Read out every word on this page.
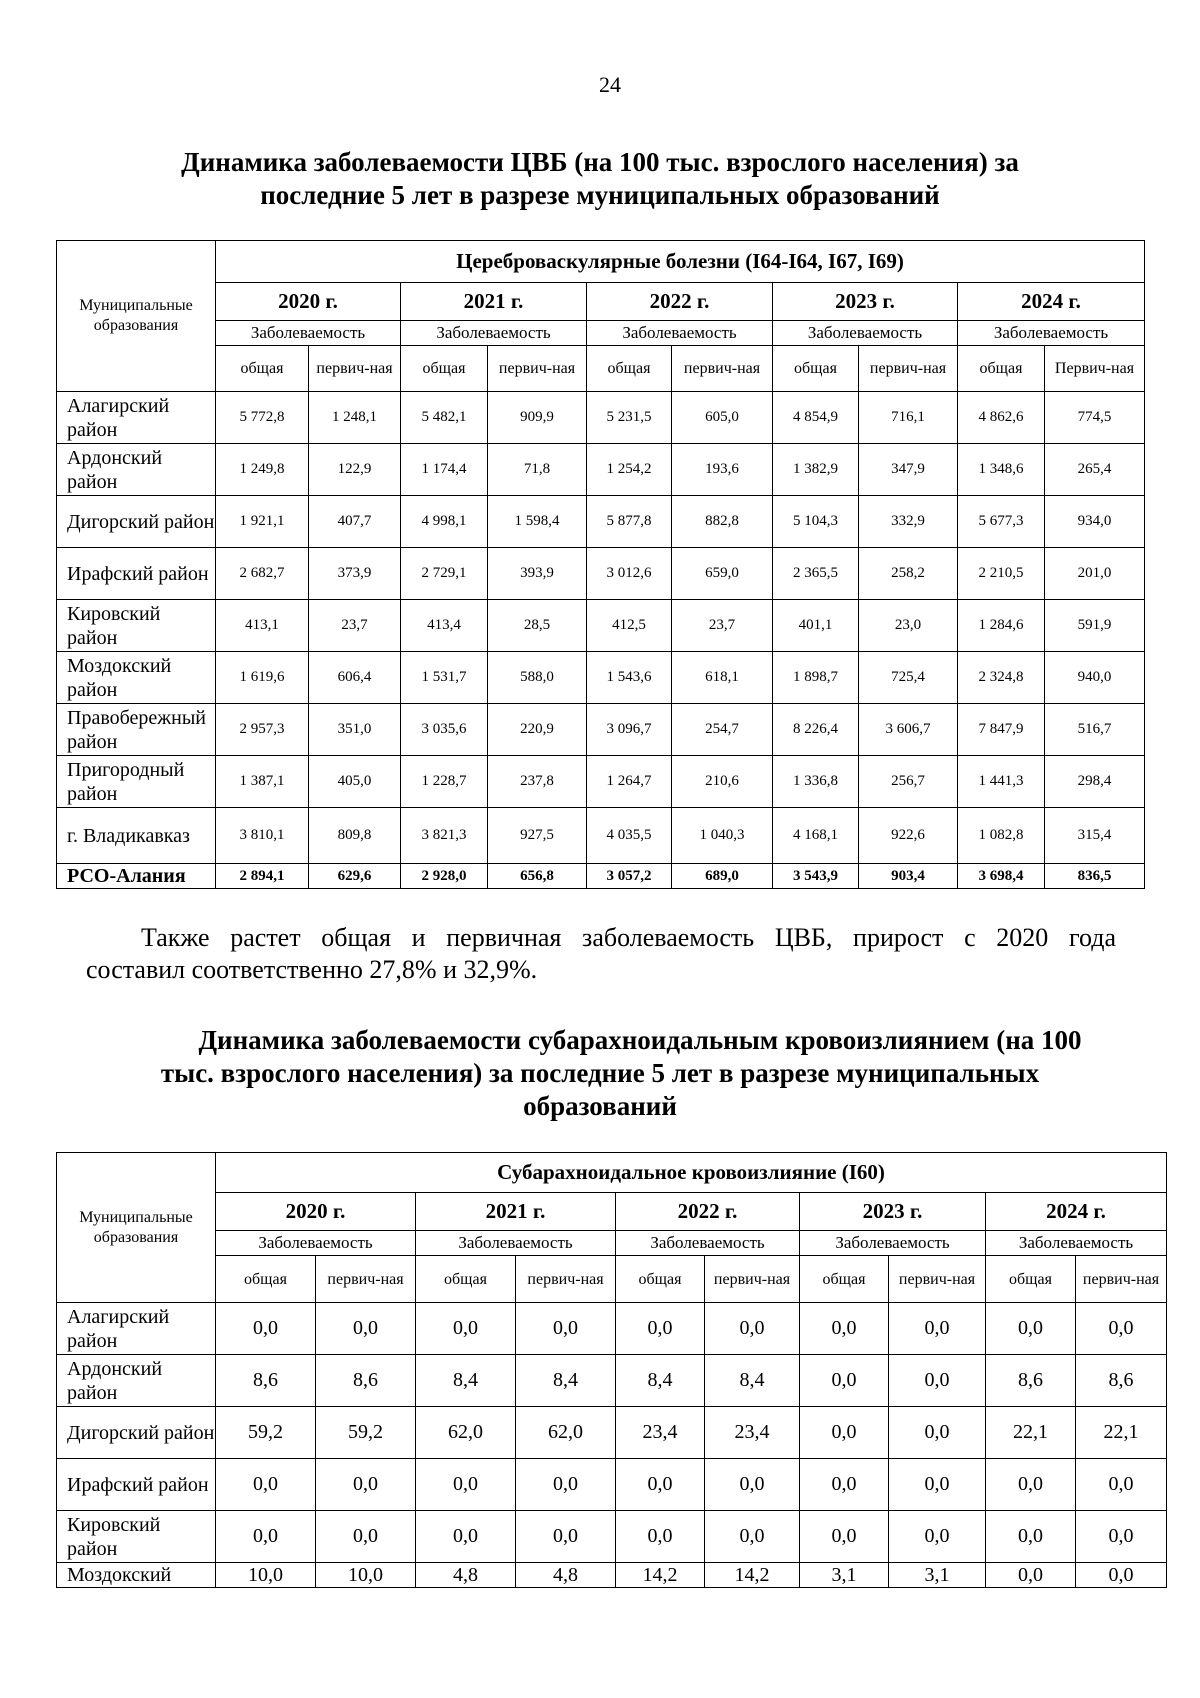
24
Динамика заболеваемости ЦВБ (на 100 тыс. взрослого населения) за
последние 5 лет в разрезе муниципальных образований
Муниципальные образования	Цереброваскулярные болезни (I64-I64, I67, I69)									
	2020 г.		2021 г.		2022 г.		2023 г.		2024 г.	
	Заболеваемость		Заболеваемость		Заболеваемость		Заболеваемость		Заболеваемость	
	общая	первич-ная	общая	первич-ная	общая	первич-ная	общая	первич-ная	общая	Первич-ная
Алагирский район	5 772,8	1 248,1	5 482,1	909,9	5 231,5	605,0	4 854,9	716,1	4 862,6	774,5
Ардонский район	1 249,8	122,9	1 174,4	71,8	1 254,2	193,6	1 382,9	347,9	1 348,6	265,4
Дигорский район	1 921,1	407,7	4 998,1	1 598,4	5 877,8	882,8	5 104,3	332,9	5 677,3	934,0
Ирафский район	2 682,7	373,9	2 729,1	393,9	3 012,6	659,0	2 365,5	258,2	2 210,5	201,0
Кировский район	413,1	23,7	413,4	28,5	412,5	23,7	401,1	23,0	1 284,6	591,9
Моздокский район	1 619,6	606,4	1 531,7	588,0	1 543,6	618,1	1 898,7	725,4	2 324,8	940,0
Правобережный район	2 957,3	351,0	3 035,6	220,9	3 096,7	254,7	8 226,4	3 606,7	7 847,9	516,7
Пригородный район	1 387,1	405,0	1 228,7	237,8	1 264,7	210,6	1 336,8	256,7	1 441,3	298,4
г. Владикавказ	3 810,1	809,8	3 821,3	927,5	4 035,5	1 040,3	4 168,1	922,6	1 082,8	315,4
РСО-Алания	2 894,1	629,6	2 928,0	656,8	3 057,2	689,0	3 543,9	903,4	3 698,4	836,5
Также растет общая и первичная заболеваемость ЦВБ, прирост с 2020 года
составил соответственно 27,8% и 32,9%.
Динамика заболеваемости субарахноидальным кровоизлиянием (на 100
тыс. взрослого населения) за последние 5 лет в разрезе муниципальных
образований
Муниципальные образования	Субарахноидальное кровоизлияние (I60)									
	2020 г.		2021 г.		2022 г.		2023 г.		2024 г.	
	Заболеваемость		Заболеваемость		Заболеваемость		Заболеваемость		Заболеваемость	
	общая	первич-ная	общая	первич-ная	общая	первич-ная	общая	первич-ная	общая	первич-ная
Алагирский район	0,0	0,0	0,0	0,0	0,0	0,0	0,0	0,0	0,0	0,0
Ардонский район	8,6	8,6	8,4	8,4	8,4	8,4	0,0	0,0	8,6	8,6
Дигорский район	59,2	59,2	62,0	62,0	23,4	23,4	0,0	0,0	22,1	22,1
Ирафский район	0,0	0,0	0,0	0,0	0,0	0,0	0,0	0,0	0,0	0,0
Кировский район	0,0	0,0	0,0	0,0	0,0	0,0	0,0	0,0	0,0	0,0
Моздокский	10,0	10,0	4,8	4,8	14,2	14,2	3,1	3,1	0,0	0,0
